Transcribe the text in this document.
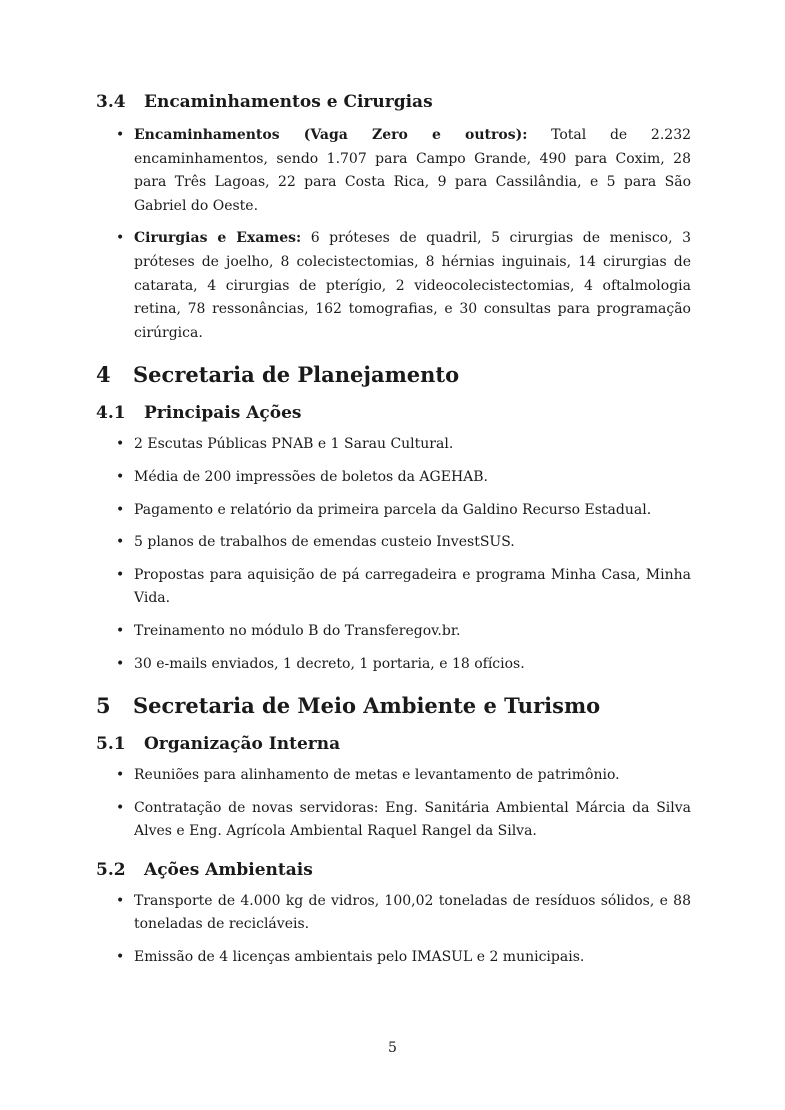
3.4	Encaminhamentos e Cirurgias
• Encaminhamentos (Vaga Zero e outros): Total de 2.232 encaminhamentos, sendo 1.707 para Campo Grande, 490 para Coxim, 28 para Três Lagoas, 22 para Costa Rica, 9 para Cassilândia, e 5 para São Gabriel do Oeste.
• Cirurgias e Exames: 6 próteses de quadril, 5 cirurgias de menisco, 3 próteses de joelho, 8 colecistectomias, 8 hérnias inguinais, 14 cirurgias de catarata, 4 cirurgias de pterígio, 2 videocolecistectomias, 4 oftalmologia retina, 78 ressonâncias, 162 tomografias, e 30 consultas para programação cirúrgica.
4	Secretaria de Planejamento
4.1	Principais Ações
• 2 Escutas Públicas PNAB e 1 Sarau Cultural.
• Média de 200 impressões de boletos da AGEHAB.
• Pagamento e relatório da primeira parcela da Galdino Recurso Estadual.
• 5 planos de trabalhos de emendas custeio InvestSUS.
• Propostas para aquisição de pá carregadeira e programa Minha Casa, Minha Vida.
• Treinamento no módulo B do Transferegov.br.
• 30 e-mails enviados, 1 decreto, 1 portaria, e 18 ofícios.
5	Secretaria de Meio Ambiente e Turismo
5.1	Organização Interna
• Reuniões para alinhamento de metas e levantamento de patrimônio.
• Contratação de novas servidoras: Eng. Sanitária Ambiental Márcia da Silva Alves e Eng. Agrícola Ambiental Raquel Rangel da Silva.
5.2	Ações Ambientais
• Transporte de 4.000 kg de vidros, 100,02 toneladas de resíduos sólidos, e 88 toneladas de recicláveis.
• Emissão de 4 licenças ambientais pelo IMASUL e 2 municipais.
5
